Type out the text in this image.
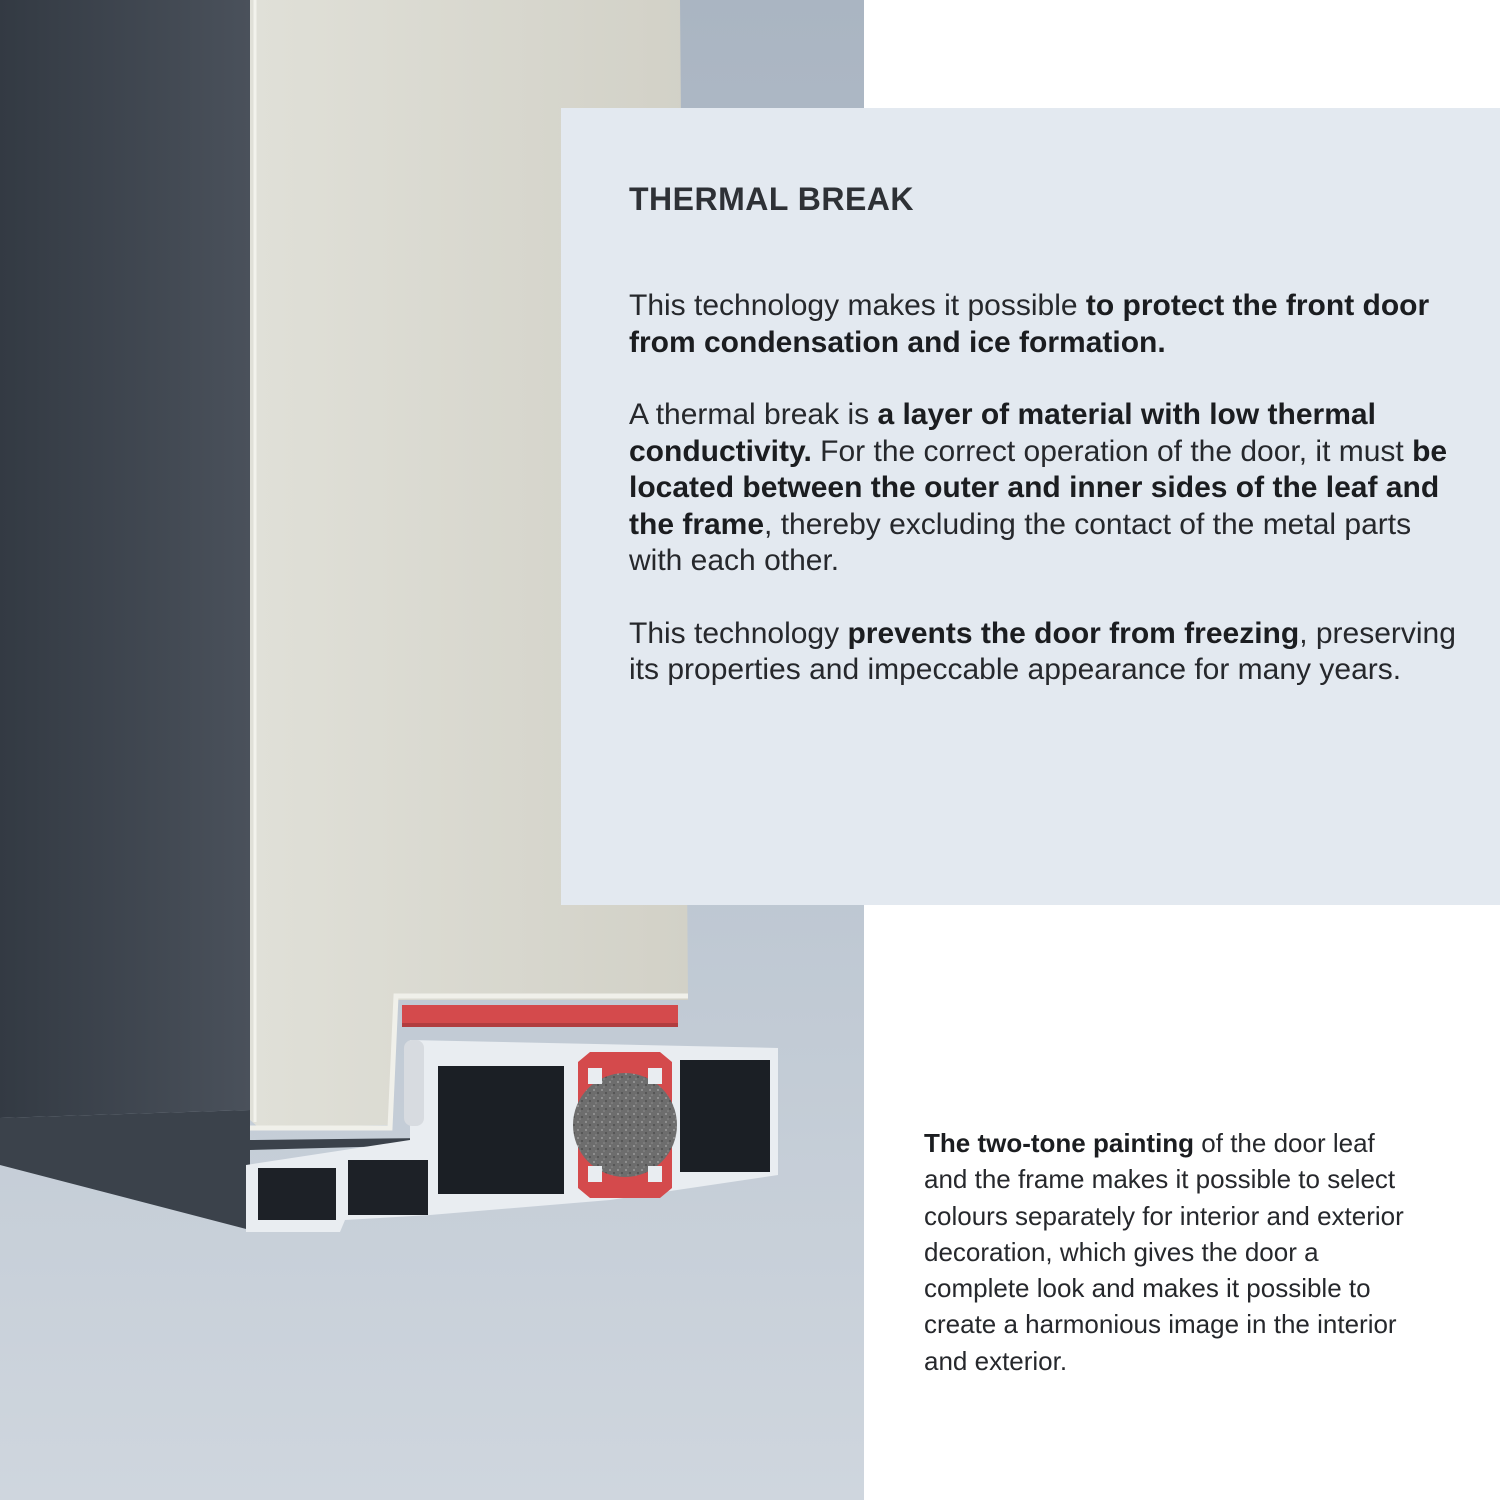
THERMAL BREAK

This technology makes it possible to protect the front door from condensation and ice formation.

A thermal break is a layer of material with low thermal conductivity. For the correct operation of the door, it must be located between the outer and inner sides of the leaf and the frame, thereby excluding the contact of the metal parts with each other.

This technology prevents the door from freezing, preserving its properties and impeccable appearance for many years.

The two-tone painting of the door leaf and the frame makes it possible to select colours separately for interior and exterior decoration, which gives the door a complete look and makes it possible to create a harmonious image in the interior and exterior.
